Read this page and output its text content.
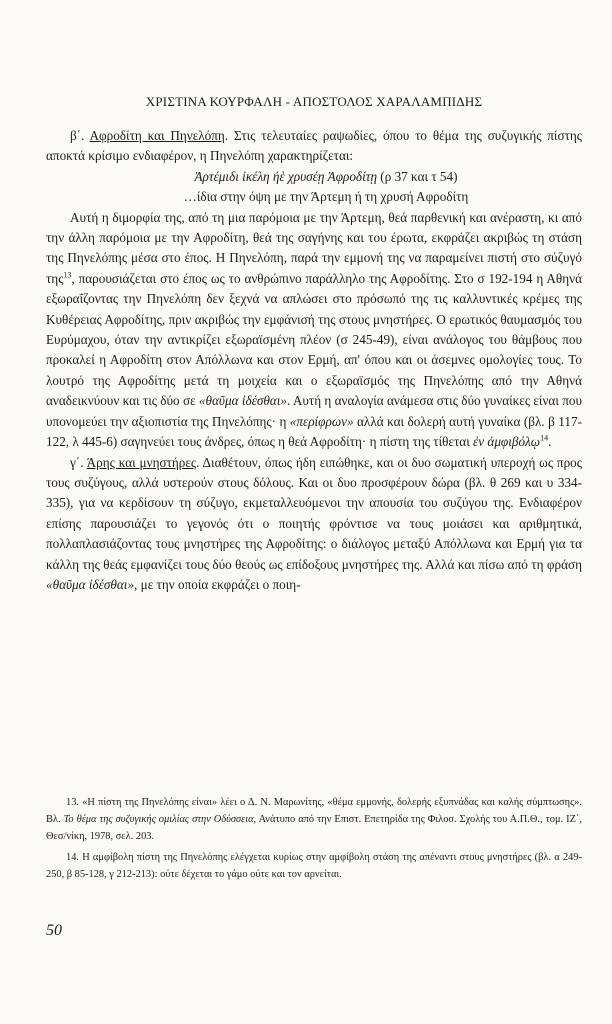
ΧΡΙΣΤΙΝΑ ΚΟΥΡΦΑΛΗ - ΑΠΟΣΤΟΛΟΣ ΧΑΡΑΛΑΜΠΙΔΗΣ

β΄. Αφροδίτη και Πηνελόπη. Στις τελευταίες ραψωδίες, όπου το θέμα της συζυγικής πίστης αποκτά κρίσιμο ενδιαφέρον, η Πηνελόπη χαρακτηρίζεται:

Ἀρτέμιδι ἰκέλη ἠὲ χρυσέῃ Ἀφροδίτῃ (ρ 37 και τ 54)

…ίδια στην όψη με την Άρτεμη ή τη χρυσή Αφροδίτη

Αυτή η διμορφία της, από τη μια παρόμοια με την Άρτεμη, θεά παρθενική και ανέραστη, κι από την άλλη παρόμοια με την Αφροδίτη, θεά της σαγήνης και του έρωτα, εκφράζει ακριβώς τη στάση της Πηνελόπης μέσα στο έπος. Η Πηνελόπη, παρά την εμμονή της να παραμείνει πιστή στο σύζυγό της$^{13}$, παρουσιάζεται στο έπος ως το ανθρώπινο παράλληλο της Αφροδίτης. Στο σ 192-194 η Αθηνά εξωραΐζοντας την Πηνελόπη δεν ξεχνά να απλώσει στο πρόσωπό της τις καλλυντικές κρέμες της Κυθέρειας Αφροδίτης, πριν ακριβώς την εμφάνισή της στους μνηστήρες. Ο ερωτικός θαυμασμός του Ευρύμαχου, όταν την αντικρίζει εξωραϊσμένη πλέον (σ 245-49), είναι ανάλογος του θάμβους που προκαλεί η Αφροδίτη στον Απόλλωνα και στον Ερμή, απ' όπου και οι άσεμνες ομολογίες τους. Το λουτρό της Αφροδίτης μετά τη μοιχεία και ο εξωραϊσμός της Πηνελόπης από την Αθηνά αναδεικνύουν και τις δύο σε «θαῦμα ἰδέσθαι». Αυτή η αναλογία ανάμεσα στις δύο γυναίκες είναι που υπονομεύει την αξιοπιστία της Πηνελόπης· η «περίφρων» αλλά και δολερή αυτή γυναίκα (βλ. β 117-122, λ 445-6) σαγηνεύει τους άνδρες, όπως η θεά Αφροδίτη· η πίστη της τίθεται ἐν ἀμφιβόλῳ$^{14}$.

γ΄. Άρης και μνηστήρες. Διαθέτουν, όπως ήδη ειπώθηκε, και οι δυο σωματική υπεροχή ως προς τους συζύγους, αλλά υστερούν στους δόλους. Και οι δυο προσφέρουν δώρα (βλ. θ 269 και υ 334-335), για να κερδίσουν τη σύζυγο, εκμεταλλευόμενοι την απουσία του συζύγου της. Ενδιαφέρον επίσης παρουσιάζει το γεγονός ότι ο ποιητής φρόντισε να τους μοιάσει και αριθμητικά, πολλαπλασιάζοντας τους μνηστήρες της Αφροδίτης: ο διάλογος μεταξύ Απόλλωνα και Ερμή για τα κάλλη της θεάς εμφανίζει τους δύο θεούς ως επίδοξους μνηστήρες της. Αλλά και πίσω από τη φράση «θαῦμα ἰδέσθαι», με την οποία εκφράζει ο ποιη-

13. «Η πίστη της Πηνελόπης είναι» λέει ο Δ. Ν. Μαρωνίτης, «θέμα εμμονής, δολερής εξυπνάδας και καλής σύμπτωσης». Βλ. Το θέμα της συζυγικής ομιλίας στην Οδύσσεια, Ανάτυπο από την Επιστ. Επετηρίδα της Φιλοσ. Σχολής του Α.Π.Θ., τομ. ΙΖ΄, Θεσ/νίκη, 1978, σελ. 203.

14. Η αμφίβολη πίστη της Πηνελόπης ελέγχεται κυρίως στην αμφίβολη στάση της απέναντι στους μνηστήρες (βλ. α 249-250, β 85-128, γ 212-213): ούτε δέχεται το γάμο ούτε και τον αρνείται.

50
